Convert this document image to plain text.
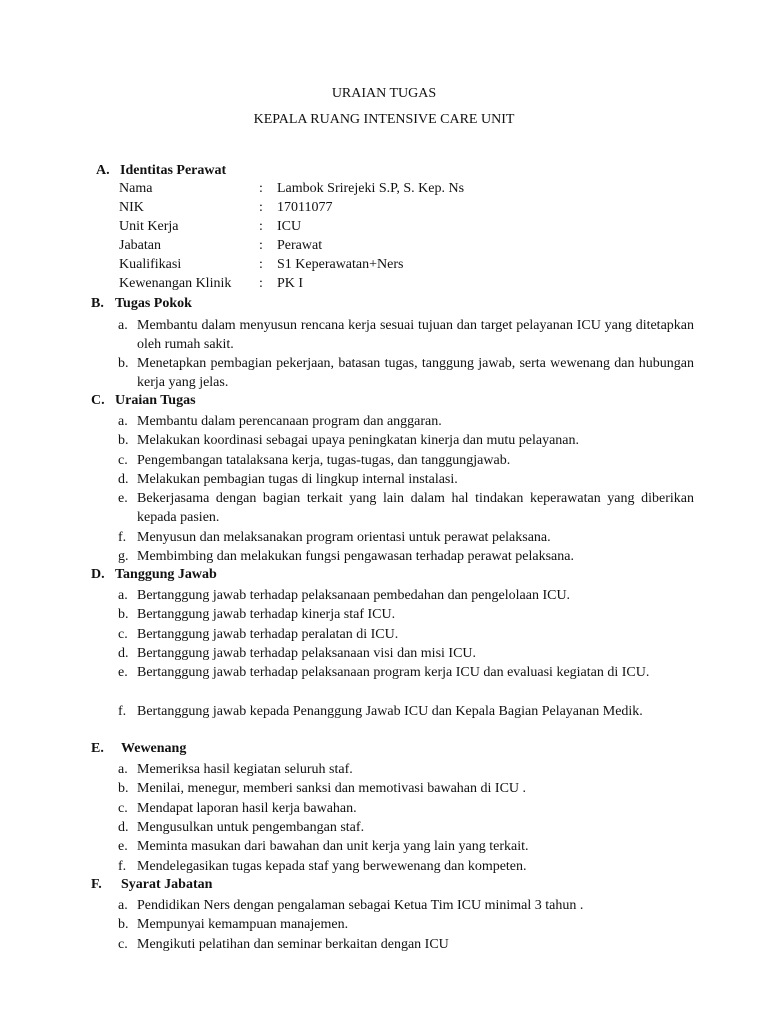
URAIAN TUGAS
KEPALA RUANG INTENSIVE CARE UNIT
A. Identitas Perawat
Nama	: Lambok Srirejeki S.P, S. Kep. Ns
NIK	: 17011077
Unit Kerja	: ICU
Jabatan	: Perawat
Kualifikasi	: S1 Keperawatan+Ners
Kewenangan Klinik : PK I
B. Tugas Pokok
a. Membantu dalam menyusun rencana kerja sesuai tujuan dan target pelayanan ICU yang ditetapkan oleh rumah sakit.
b. Menetapkan pembagian pekerjaan, batasan tugas, tanggung jawab, serta wewenang dan hubungan kerja yang jelas.
C. Uraian Tugas
a. Membantu dalam perencanaan program dan anggaran.
b. Melakukan koordinasi sebagai upaya peningkatan kinerja dan mutu pelayanan.
c. Pengembangan tatalaksana kerja, tugas-tugas, dan tanggungjawab.
d. Melakukan pembagian tugas di lingkup internal instalasi.
e. Bekerjasama dengan bagian terkait yang lain dalam hal tindakan keperawatan yang diberikan kepada pasien.
f. Menyusun dan melaksanakan program orientasi untuk perawat pelaksana.
g. Membimbing dan melakukan fungsi pengawasan terhadap perawat pelaksana.
D. Tanggung Jawab
a. Bertanggung jawab terhadap pelaksanaan pembedahan dan pengelolaan ICU.
b. Bertanggung jawab terhadap kinerja staf ICU.
c. Bertanggung jawab terhadap peralatan di ICU.
d. Bertanggung jawab terhadap pelaksanaan visi dan misi ICU.
e. Bertanggung jawab terhadap pelaksanaan program kerja ICU dan evaluasi kegiatan di ICU.
f. Bertanggung jawab kepada Penanggung Jawab ICU dan Kepala Bagian Pelayanan Medik.
E. Wewenang
a. Memeriksa hasil kegiatan seluruh staf.
b. Menilai, menegur, memberi sanksi dan memotivasi bawahan di ICU .
c. Mendapat laporan hasil kerja bawahan.
d. Mengusulkan untuk pengembangan staf.
e. Meminta masukan dari bawahan dan unit kerja yang lain yang terkait.
f. Mendelegasikan tugas kepada staf yang berwewenang dan kompeten.
F. Syarat Jabatan
a. Pendidikan Ners dengan pengalaman sebagai Ketua Tim ICU minimal 3 tahun .
b. Mempunyai kemampuan manajemen.
c. Mengikuti pelatihan dan seminar berkaitan dengan ICU
